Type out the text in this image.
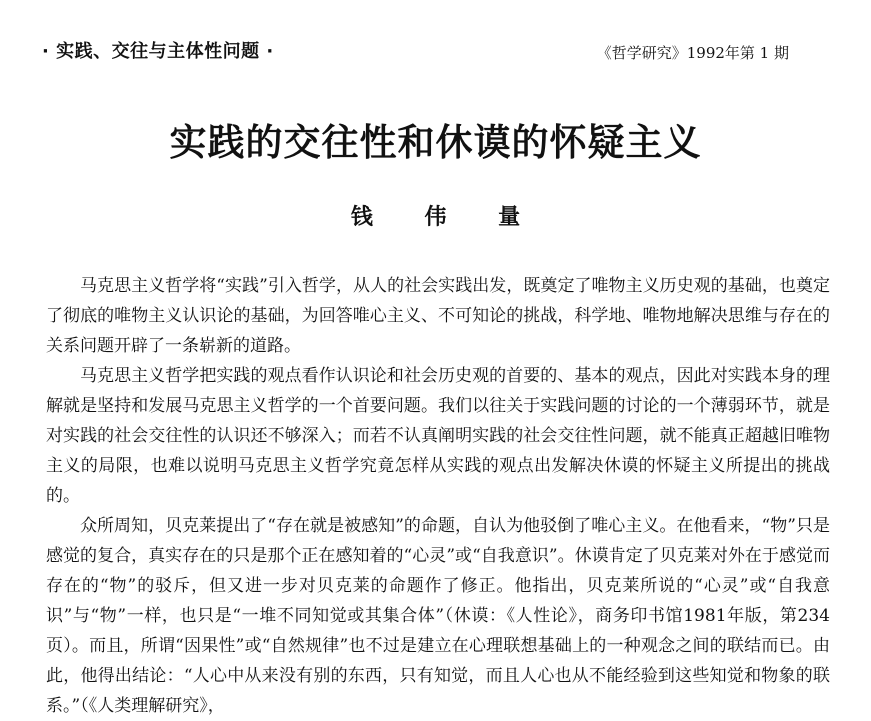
· 实践、交往与主体性问题 ·	《哲学研究》1992年第 1 期
实践的交往性和休谟的怀疑主义
钱 伟 量

马克思主义哲学将“实践”引入哲学，从人的社会实践出发，既奠定了唯物主义历史观的基础，也奠定了彻底的唯物主义认识论的基础，为回答唯心主义、不可知论的挑战，科学地、唯物地解决思维与存在的关系问题开辟了一条崭新的道路。

马克思主义哲学把实践的观点看作认识论和社会历史观的首要的、基本的观点，因此对实践本身的理解就是坚持和发展马克思主义哲学的一个首要问题。我们以往关于实践问题的讨论的一个薄弱环节，就是对实践的社会交往性的认识还不够深入；而若不认真阐明实践的社会交往性问题，就不能真正超越旧唯物主义的局限，也难以说明马克思主义哲学究竟怎样从实践的观点出发解决休谟的怀疑主义所提出的挑战的。

众所周知，贝克莱提出了“存在就是被感知”的命题，自认为他驳倒了唯心主义。在他看来，“物”只是感觉的复合，真实存在的只是那个正在感知着的“心灵”或“自我意识”。休谟肯定了贝克莱对外在于感觉而存在的“物”的驳斥，但又进一步对贝克莱的命题作了修正。他指出，贝克莱所说的“心灵”或“自我意识”与“物”一样，也只是“一堆不同知觉或其集合体”（休谟：《人性论》，商务印书馆1981年版，第234页）。而且，所谓“因果性”或“自然规律”也不过是建立在心理联想基础上的一种观念之间的联结而已。由此，他得出结论：“人心中从来没有别的东西，只有知觉，而且人心也从不能经验到这些知觉和物象的联系。”（《人类理解研究》，
